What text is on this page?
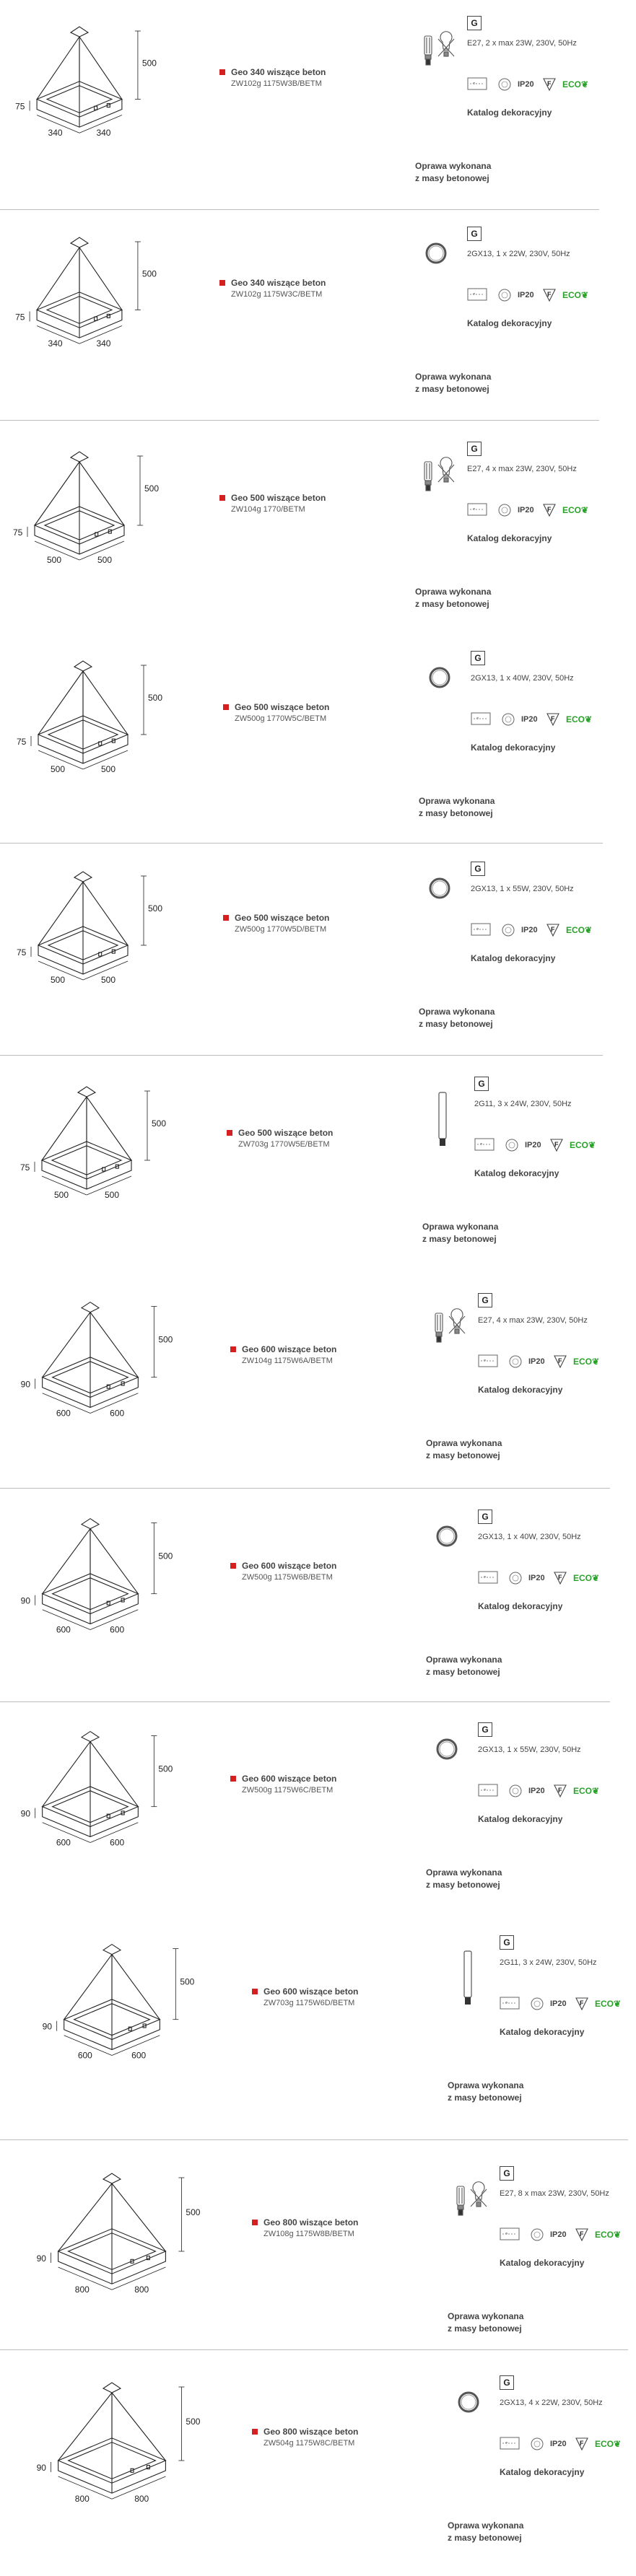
500
75
340	340
Geo 340 wiszące beton
ZW102g 1175W3B/BETM
G
E27, 2 x max 23W, 230V, 50Hz
°	IP20 F ECO❦
Katalog dekoracyjny
Oprawa wykonana
z masy betonowej
500
75
340	340
Geo 340 wiszące beton
ZW102g 1175W3C/BETM
G
2GX13, 1 x 22W, 230V, 50Hz
°	IP20 F ECO❦
Katalog dekoracyjny
Oprawa wykonana
z masy betonowej
500
75
500	500
Geo 500 wiszące beton
ZW104g 1770/BETM
G
E27, 4 x max 23W, 230V, 50Hz
°	IP20 F ECO❦
Katalog dekoracyjny
Oprawa wykonana
z masy betonowej
500
75
500	500
Geo 500 wiszące beton
ZW500g 1770W5C/BETM
G
2GX13, 1 x 40W, 230V, 50Hz
°	IP20 F ECO❦
Katalog dekoracyjny
Oprawa wykonana
z masy betonowej
500
75
500	500
Geo 500 wiszące beton
ZW500g 1770W5D/BETM
G
2GX13, 1 x 55W, 230V, 50Hz
°	IP20 F ECO❦
Katalog dekoracyjny
Oprawa wykonana
z masy betonowej
500
75
500	500
Geo 500 wiszące beton
ZW703g 1770W5E/BETM
G
2G11, 3 x 24W, 230V, 50Hz
°	IP20 F ECO❦
Katalog dekoracyjny
Oprawa wykonana
z masy betonowej
500
90
600	600
Geo 600 wiszące beton
ZW104g 1175W6A/BETM
G
E27, 4 x max 23W, 230V, 50Hz
°	IP20 F ECO❦
Katalog dekoracyjny
Oprawa wykonana
z masy betonowej
500
90
600	600
Geo 600 wiszące beton
ZW500g 1175W6B/BETM
G
2GX13, 1 x 40W, 230V, 50Hz
°	IP20 F ECO❦
Katalog dekoracyjny
Oprawa wykonana
z masy betonowej
500
90
600	600
Geo 600 wiszące beton
ZW500g 1175W6C/BETM
G
2GX13, 1 x 55W, 230V, 50Hz
°	IP20 F ECO❦
Katalog dekoracyjny
Oprawa wykonana
z masy betonowej
500
90
600	600
Geo 600 wiszące beton
ZW703g 1175W6D/BETM
G
2G11, 3 x 24W, 230V, 50Hz
°	IP20 F ECO❦
Katalog dekoracyjny
Oprawa wykonana
z masy betonowej
500
90
800	800
Geo 800 wiszące beton
ZW108g 1175W8B/BETM
G
E27, 8 x max 23W, 230V, 50Hz
°	IP20 F ECO❦
Katalog dekoracyjny
Oprawa wykonana
z masy betonowej
500
90
800	800
Geo 800 wiszące beton
ZW504g 1175W8C/BETM
G
2GX13, 4 x 22W, 230V, 50Hz
°	IP20 F ECO❦
Katalog dekoracyjny
Oprawa wykonana
z masy betonowej
